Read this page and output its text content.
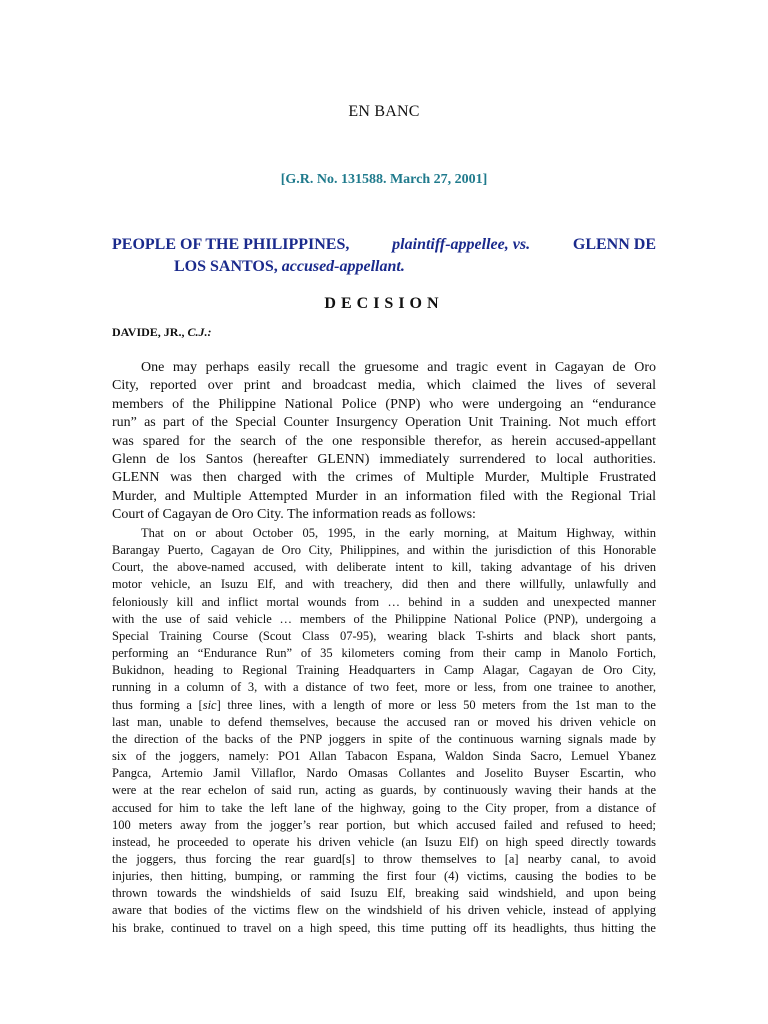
EN BANC
[G.R. No. 131588. March 27, 2001]
PEOPLE OF THE PHILIPPINES,	plaintiff-appellee, vs.	GLENN DE
LOS SANTOS, accused-appellant.
DECISION
DAVIDE, JR., C.J.:
One may perhaps easily recall the gruesome and tragic event in Cagayan de Oro
City, reported over print and broadcast media, which claimed the lives of several
members of the Philippine National Police (PNP) who were undergoing an “endurance
run” as part of the Special Counter Insurgency Operation Unit Training. Not much effort
was spared for the search of the one responsible therefor, as herein accused-appellant
Glenn de los Santos (hereafter GLENN) immediately surrendered to local authorities.
GLENN was then charged with the crimes of Multiple Murder, Multiple Frustrated
Murder, and Multiple Attempted Murder in an information filed with the Regional Trial
Court of Cagayan de Oro City. The information reads as follows:
That on or about October 05, 1995, in the early morning, at Maitum Highway, within
Barangay Puerto, Cagayan de Oro City, Philippines, and within the jurisdiction of this Honorable
Court, the above-named accused, with deliberate intent to kill, taking advantage of his driven
motor vehicle, an Isuzu Elf, and with treachery, did then and there willfully, unlawfully and
feloniously kill and inflict mortal wounds from … behind in a sudden and unexpected manner
with the use of said vehicle … members of the Philippine National Police (PNP), undergoing a
Special Training Course (Scout Class 07-95), wearing black T-shirts and black short pants,
performing an “Endurance Run” of 35 kilometers coming from their camp in Manolo Fortich,
Bukidnon, heading to Regional Training Headquarters in Camp Alagar, Cagayan de Oro City,
running in a column of 3, with a distance of two feet, more or less, from one trainee to another,
thus forming a [sic] three lines, with a length of more or less 50 meters from the 1st man to the
last man, unable to defend themselves, because the accused ran or moved his driven vehicle on
the direction of the backs of the PNP joggers in spite of the continuous warning signals made by
six of the joggers, namely: PO1 Allan Tabacon Espana, Waldon Sinda Sacro, Lemuel Ybanez
Pangca, Artemio Jamil Villaflor, Nardo Omasas Collantes and Joselito Buyser Escartin, who
were at the rear echelon of said run, acting as guards, by continuously waving their hands at the
accused for him to take the left lane of the highway, going to the City proper, from a distance of
100 meters away from the jogger’s rear portion, but which accused failed and refused to heed;
instead, he proceeded to operate his driven vehicle (an Isuzu Elf) on high speed directly towards
the joggers, thus forcing the rear guard[s] to throw themselves to [a] nearby canal, to avoid
injuries, then hitting, bumping, or ramming the first four (4) victims, causing the bodies to be
thrown towards the windshields of said Isuzu Elf, breaking said windshield, and upon being
aware that bodies of the victims flew on the windshield of his driven vehicle, instead of applying
his brake, continued to travel on a high speed, this time putting off its headlights, thus hitting the
